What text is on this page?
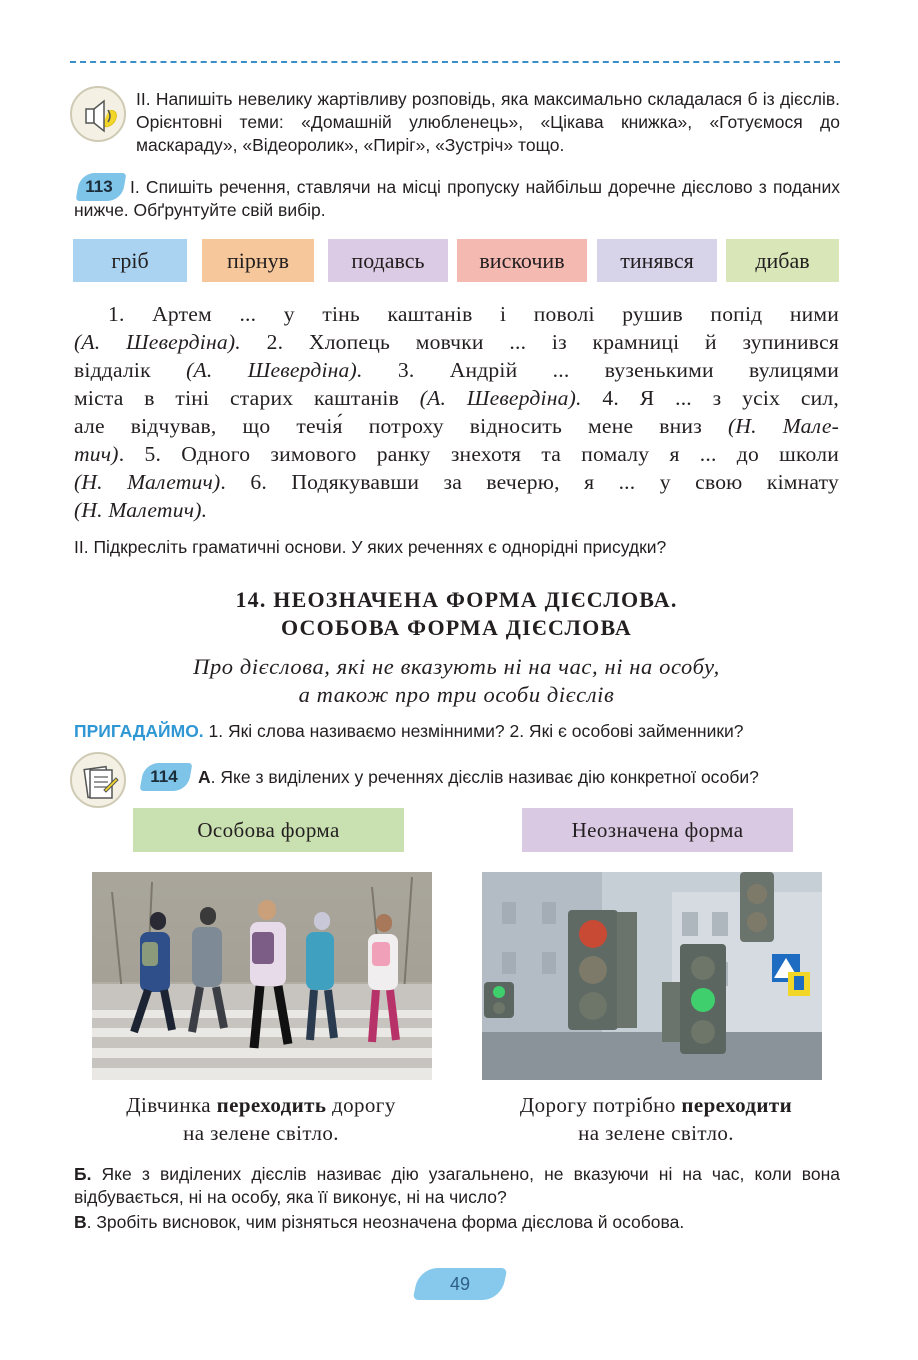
ІІ. Напишіть невелику жартівливу розповідь, яка максимально складалася б із дієслів. Орієнтовні теми: «Домашній улюбленець», «Цікава книжка», «Готуємося до маскараду», «Відеоролик», «Пиріг», «Зустріч» тощо.
113 І. Спишіть речення, ставлячи на місці пропуску найбільш доречне дієслово з поданих нижче. Обґрунтуйте свій вибір.
гріб	пірнув	подавсь	вискочив	тинявся	дибав
1. Артем ... у тінь каштанів і поволі рушив попід ними
(А. Шевердіна). 2. Хлопець мовчки ... із крамниці й зупинився
віддалік (А. Шевердіна). 3. Андрій ... вузенькими вулицями
міста в тіні старих каштанів (А. Шевердіна). 4. Я ... з усіх сил,
але відчував, що течія́ потроху відносить мене вниз (Н. Мале-
тич). 5. Одного зимового ранку знехотя та помалу я ... до школи
(Н. Малетич). 6. Подякувавши за вечерю, я ... у свою кімнату
(Н. Малетич).
ІІ. Підкресліть граматичні основи. У яких реченнях є однорідні присудки?
14. НЕОЗНАЧЕНА ФОРМА ДІЄСЛОВА.
ОСОБОВА ФОРМА ДІЄСЛОВА
Про дієслова, які не вказують ні на час, ні на особу,
а також про три особи дієслів
ПРИГАДАЙМО. 1. Які слова називаємо незмінними? 2. Які є особові займенники?
114	А. Яке з виділених у реченнях дієслів називає дію конкретної особи?
Особова форма	Неозначена форма
Дівчинка переходить дорогу
на зелене світло.
Дорогу потрібно переходити
на зелене світло.
Б. Яке з виділених дієслів називає дію узагальнено, не вказуючи ні на час, коли вона відбувається, ні на особу, яка її виконує, ні на число?
В. Зробіть висновок, чим різняться неозначена форма дієслова й особова.
49
